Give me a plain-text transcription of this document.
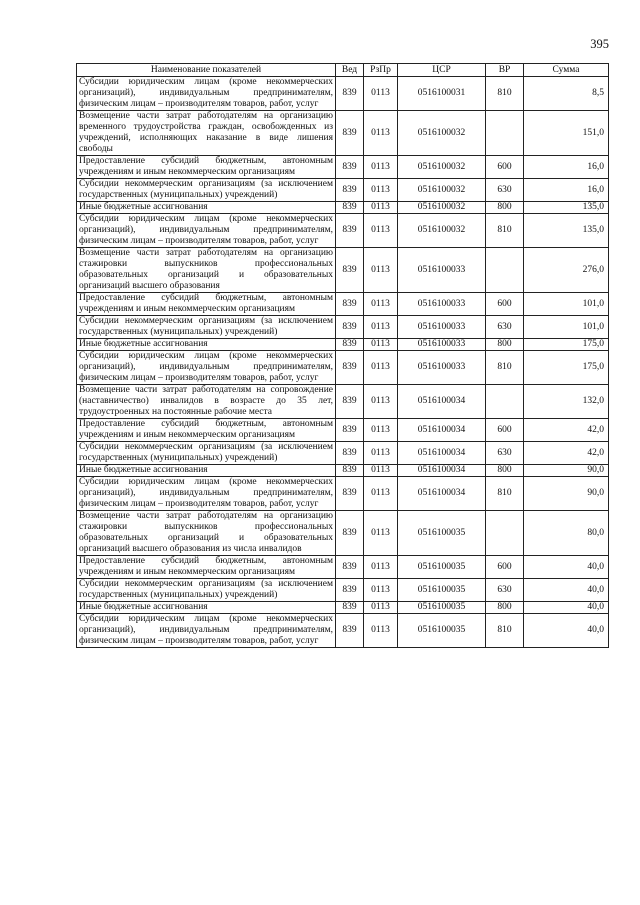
395
Наименование показателей	Вед	РзПр	ЦСР	ВР	Сумма
Субсидии юридическим лицам (кроме некоммерческих организаций), индивидуальным предпринимателям, физическим лицам – производителям товаров, работ, услуг	839	0113	0516100031	810	8,5
Возмещение части затрат работодателям на организацию временного трудоустройства граждан, освобожденных из учреждений, исполняющих наказание в виде лишения свободы	839	0113	0516100032		151,0
Предоставление субсидий бюджетным, автономным учреждениям и иным некоммерческим организациям	839	0113	0516100032	600	16,0
Субсидии некоммерческим организациям (за исключением государственных (муниципальных) учреждений)	839	0113	0516100032	630	16,0
Иные бюджетные ассигнования	839	0113	0516100032	800	135,0
Субсидии юридическим лицам (кроме некоммерческих организаций), индивидуальным предпринимателям, физическим лицам – производителям товаров, работ, услуг	839	0113	0516100032	810	135,0
Возмещение части затрат работодателям на организацию стажировки выпускников профессиональных образовательных организаций и образовательных организаций высшего образования	839	0113	0516100033		276,0
Предоставление субсидий бюджетным, автономным учреждениям и иным некоммерческим организациям	839	0113	0516100033	600	101,0
Субсидии некоммерческим организациям (за исключением государственных (муниципальных) учреждений)	839	0113	0516100033	630	101,0
Иные бюджетные ассигнования	839	0113	0516100033	800	175,0
Субсидии юридическим лицам (кроме некоммерческих организаций), индивидуальным предпринимателям, физическим лицам – производителям товаров, работ, услуг	839	0113	0516100033	810	175,0
Возмещение части затрат работодателям на сопровождение (наставничество) инвалидов в возрасте до 35 лет, трудоустроенных на постоянные рабочие места	839	0113	0516100034		132,0
Предоставление субсидий бюджетным, автономным учреждениям и иным некоммерческим организациям	839	0113	0516100034	600	42,0
Субсидии некоммерческим организациям (за исключением государственных (муниципальных) учреждений)	839	0113	0516100034	630	42,0
Иные бюджетные ассигнования	839	0113	0516100034	800	90,0
Субсидии юридическим лицам (кроме некоммерческих организаций), индивидуальным предпринимателям, физическим лицам – производителям товаров, работ, услуг	839	0113	0516100034	810	90,0
Возмещение части затрат работодателям на организацию стажировки выпускников профессиональных образовательных организаций и образовательных организаций высшего образования из числа инвалидов	839	0113	0516100035		80,0
Предоставление субсидий бюджетным, автономным учреждениям и иным некоммерческим организациям	839	0113	0516100035	600	40,0
Субсидии некоммерческим организациям (за исключением государственных (муниципальных) учреждений)	839	0113	0516100035	630	40,0
Иные бюджетные ассигнования	839	0113	0516100035	800	40,0
Субсидии юридическим лицам (кроме некоммерческих организаций), индивидуальным предпринимателям, физическим лицам – производителям товаров, работ, услуг	839	0113	0516100035	810	40,0
